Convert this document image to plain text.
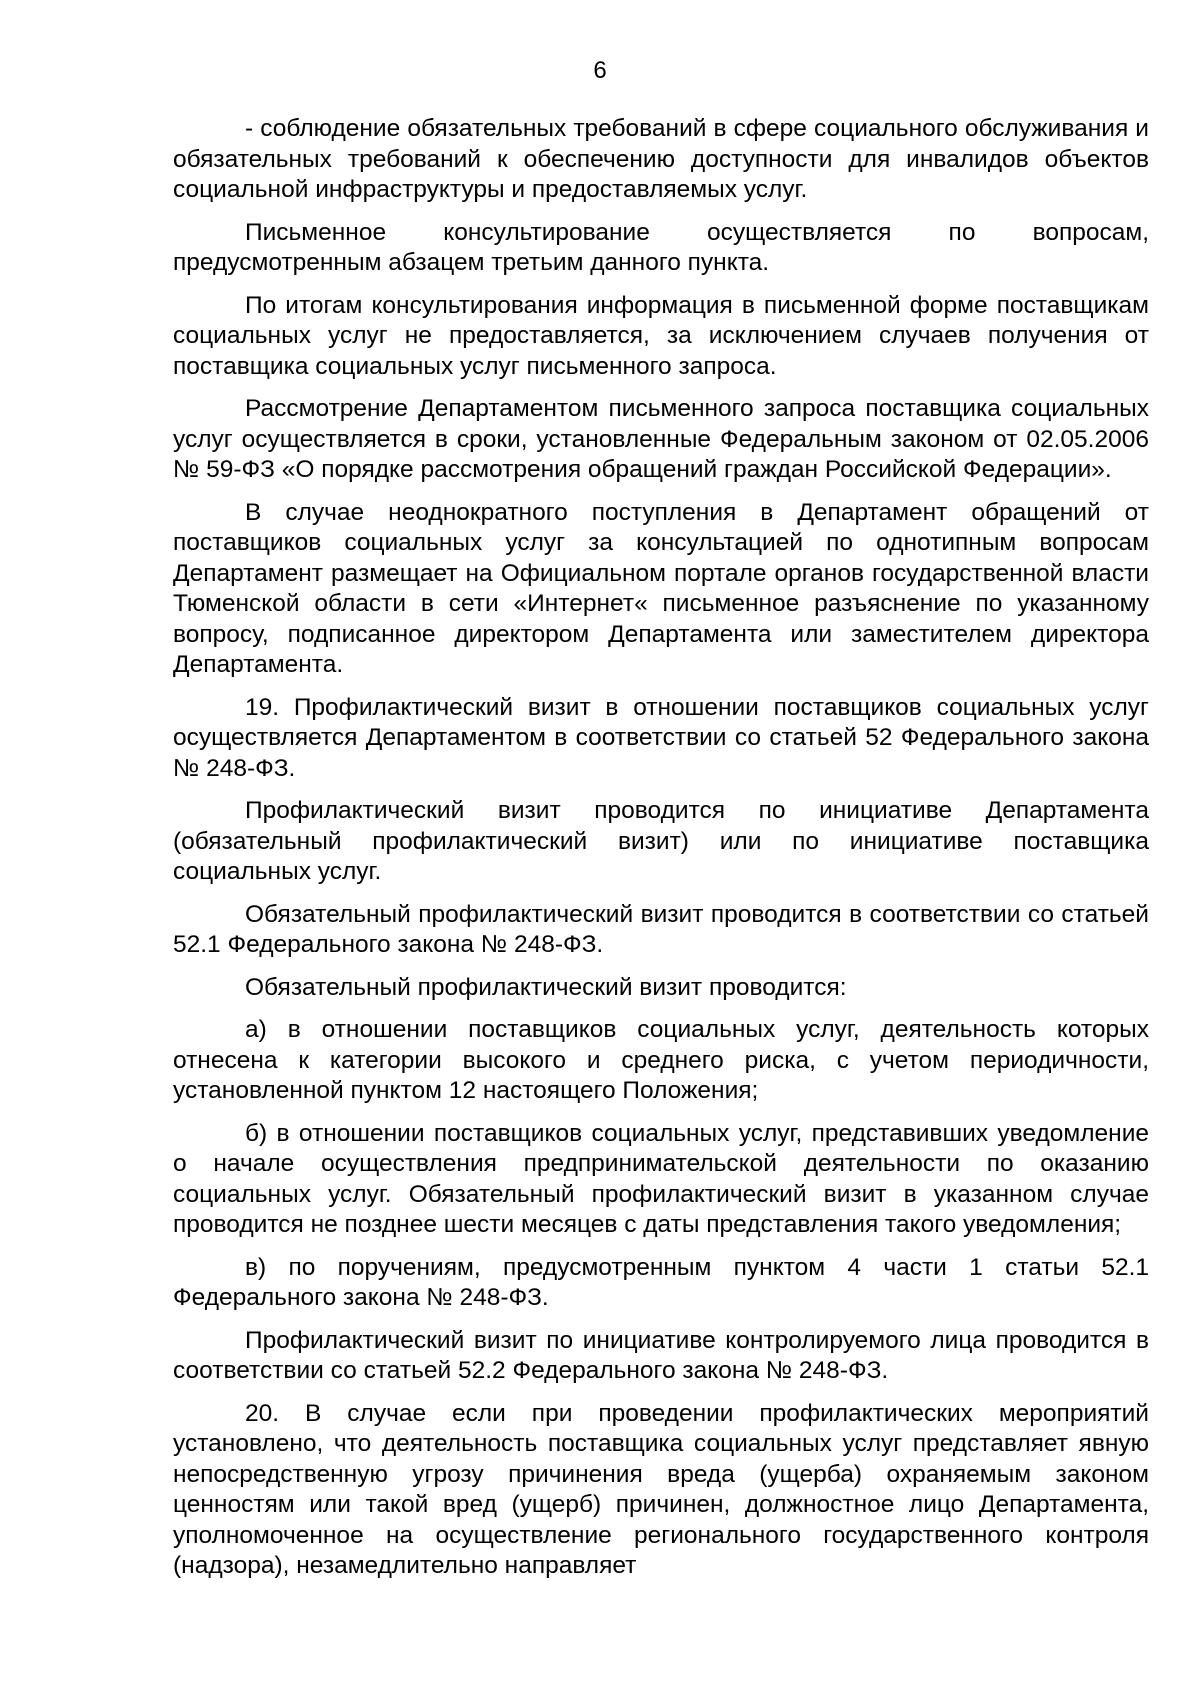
6

- соблюдение обязательных требований в сфере социального обслуживания и обязательных требований к обеспечению доступности для инвалидов объектов социальной инфраструктуры и предоставляемых услуг.

Письменное консультирование осуществляется по вопросам, предусмотренным абзацем третьим данного пункта.

По итогам консультирования информация в письменной форме поставщикам социальных услуг не предоставляется, за исключением случаев получения от поставщика социальных услуг письменного запроса.

Рассмотрение Департаментом письменного запроса поставщика социальных услуг осуществляется в сроки, установленные Федеральным законом от 02.05.2006 № 59-ФЗ «О порядке рассмотрения обращений граждан Российской Федерации».

В случае неоднократного поступления в Департамент обращений от поставщиков социальных услуг за консультацией по однотипным вопросам Департамент размещает на Официальном портале органов государственной власти Тюменской области в сети «Интернет« письменное разъяснение по указанному вопросу, подписанное директором Департамента или заместителем директора Департамента.

19. Профилактический визит в отношении поставщиков социальных услуг осуществляется Департаментом в соответствии со статьей 52 Федерального закона № 248-ФЗ.

Профилактический визит проводится по инициативе Департамента (обязательный профилактический визит) или по инициативе поставщика социальных услуг.

Обязательный профилактический визит проводится в соответствии со статьей 52.1 Федерального закона № 248-ФЗ.

Обязательный профилактический визит проводится:

а) в отношении поставщиков социальных услуг, деятельность которых отнесена к категории высокого и среднего риска, с учетом периодичности, установленной пунктом 12 настоящего Положения;

б) в отношении поставщиков социальных услуг, представивших уведомление о начале осуществления предпринимательской деятельности по оказанию социальных услуг. Обязательный профилактический визит в указанном случае проводится не позднее шести месяцев с даты представления такого уведомления;

в) по поручениям, предусмотренным пунктом 4 части 1 статьи 52.1 Федерального закона № 248-ФЗ.

Профилактический визит по инициативе контролируемого лица проводится в соответствии со статьей 52.2 Федерального закона № 248-ФЗ.

20. В случае если при проведении профилактических мероприятий установлено, что деятельность поставщика социальных услуг представляет явную непосредственную угрозу причинения вреда (ущерба) охраняемым законом ценностям или такой вред (ущерб) причинен, должностное лицо Департамента, уполномоченное на осуществление регионального государственного контроля (надзора), незамедлительно направляет
